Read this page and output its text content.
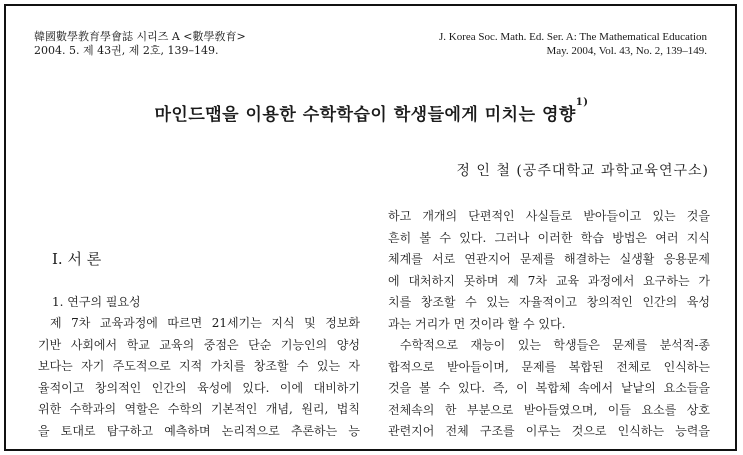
韓國數學教育學會誌 시리즈 A <數學敎育>
2004. 5. 제 43권, 제 2호, 139–149.
J. Korea Soc. Math. Ed. Ser. A: The Mathematical Education
May. 2004, Vol. 43, No. 2, 139–149.
마인드맵을 이용한 수학학습이 학생들에게 미치는 영향$^{1)}$
정 인 철 (공주대학교 과학교육연구소)
I. 서 론
1. 연구의 필요성
제 7차 교육과정에 따르면 21세기는 지식 및 정보화
기반 사회에서 학교 교육의 중점은 단순 기능인의 양성
보다는 자기 주도적으로 지적 가치를 창조할 수 있는 자
율적이고 창의적인 인간의 육성에 있다. 이에 대비하기
위한 수학과의 역할은 수학의 기본적인 개념, 원리, 법칙
을 토대로 탐구하고 예측하며 논리적으로 추론하는 능
하고 개개의 단편적인 사실들로 받아들이고 있는 것을
흔히 볼 수 있다. 그러나 이러한 학습 방법은 여러 지식
체계를 서로 연관지어 문제를 해결하는 실생활 응용문제
에 대처하지 못하며 제 7차 교육 과정에서 요구하는 가
치를 창조할 수 있는 자율적이고 창의적인 인간의 육성
과는 거리가 먼 것이라 할 수 있다.
수학적으로 재능이 있는 학생들은 문제를 분석적-종
합적으로 받아들이며, 문제를 복합된 전체로 인식하는
것을 볼 수 있다. 즉, 이 복합체 속에서 낱낱의 요소들을
전체속의 한 부분으로 받아들였으며, 이들 요소를 상호
관련지어 전체 구조를 이루는 것으로 인식하는 능력을
